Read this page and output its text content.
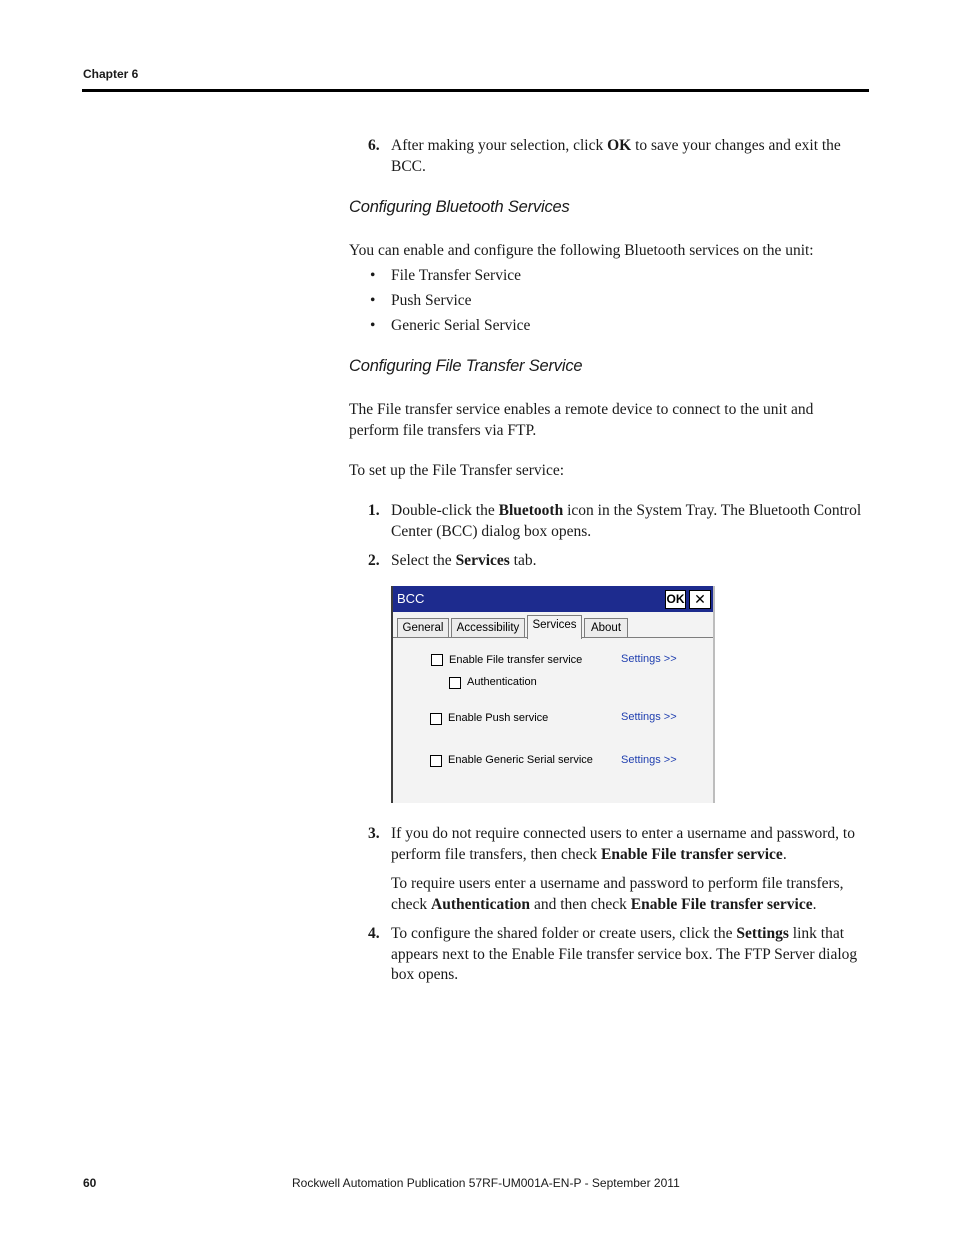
Chapter 6
6. After making your selection, click OK to save your changes and exit the BCC.
Configuring Bluetooth Services
You can enable and configure the following Bluetooth services on the unit:
• File Transfer Service
• Push Service
• Generic Serial Service
Configuring File Transfer Service
The File transfer service enables a remote device to connect to the unit and perform file transfers via FTP.
To set up the File Transfer service:
1. Double-click the Bluetooth icon in the System Tray. The Bluetooth Control Center (BCC) dialog box opens.
2. Select the Services tab.
BCC	OK ✕
General	Accessibility	Services	About
Enable File transfer service	Settings >>
Authentication
Enable Push service	Settings >>
Enable Generic Serial service	Settings >>
3. If you do not require connected users to enter a username and password, to perform file transfers, then check Enable File transfer service.
To require users enter a username and password to perform file transfers, check Authentication and then check Enable File transfer service.
4. To configure the shared folder or create users, click the Settings link that appears next to the Enable File transfer service box. The FTP Server dialog box opens.
60	Rockwell Automation Publication 57RF-UM001A-EN-P - September 2011
